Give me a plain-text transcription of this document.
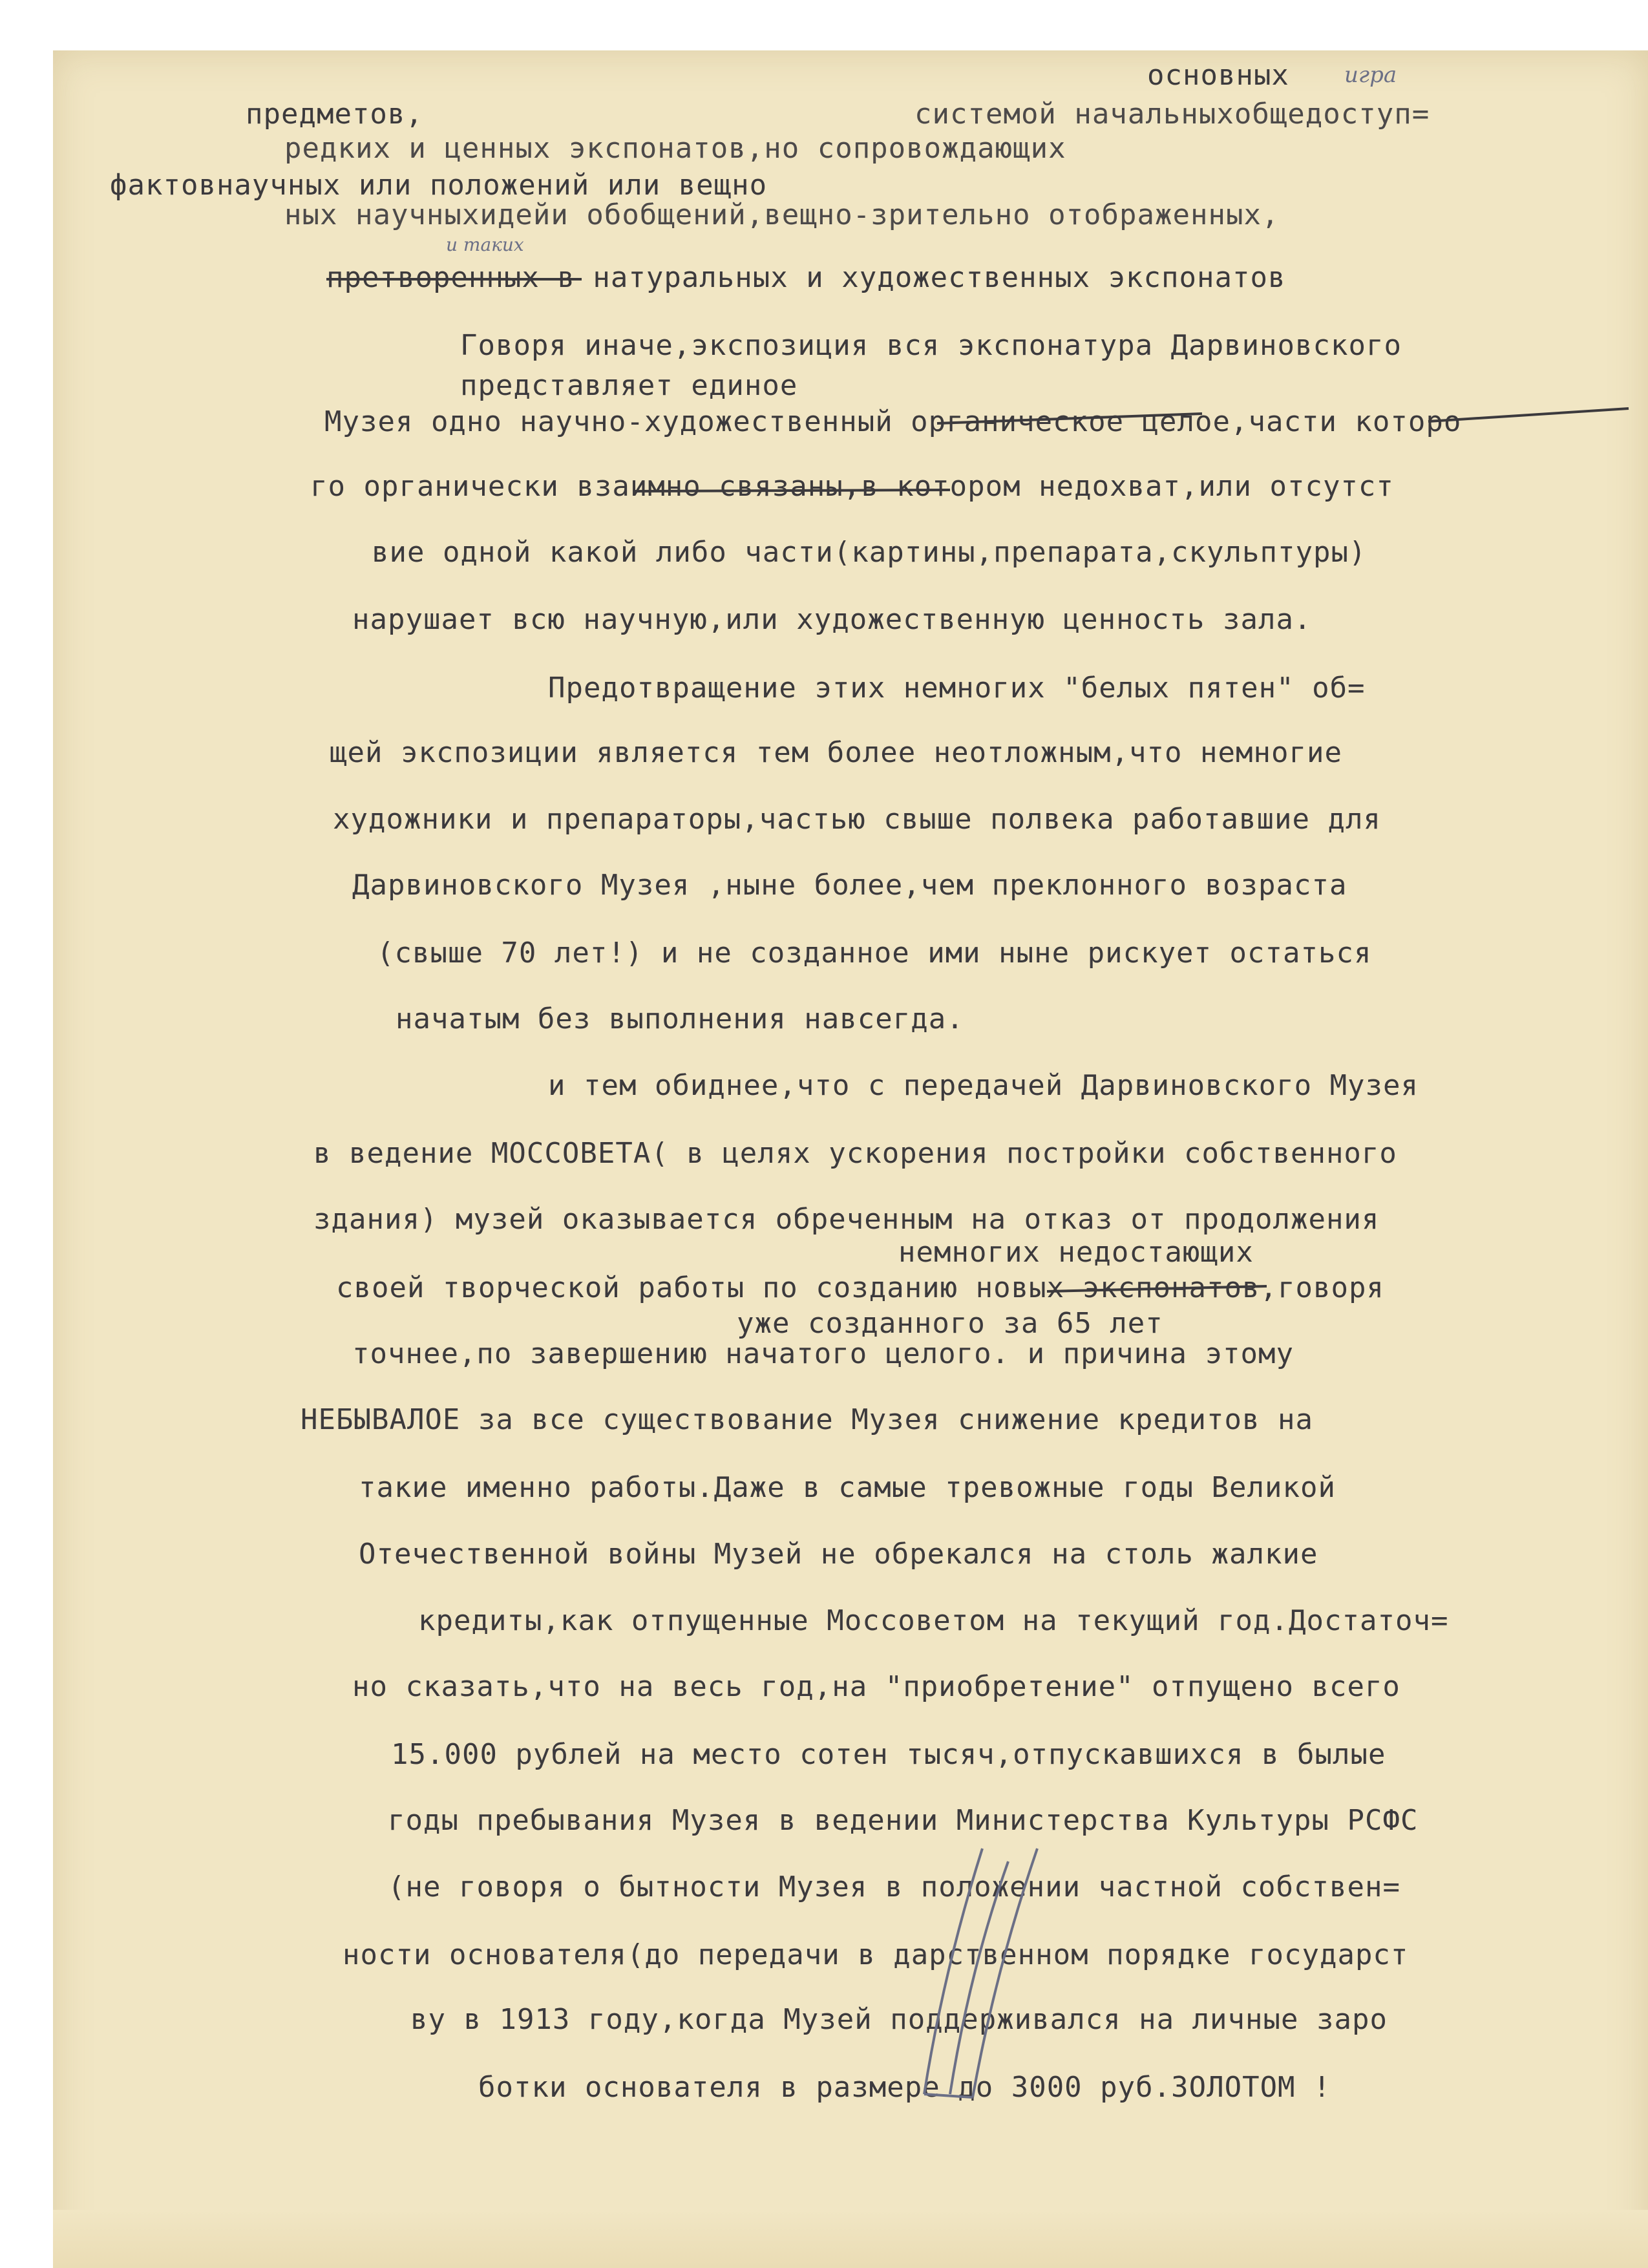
игра
и таких
основных
предметов,	системой начальныхобщедоступ=
редких и ценных экспонатов,но сопровождающих
фактовнаучных или положений или вещно
ных научныхидейи обобщений,вещно-зрительно отображенных,
претворенных в натуральных и художественных экспонатов
Говоря иначе,экспозиция вся экспонатура Дарвиновского
представляет единое
Музея одно научно-художественный органическое целое,части которо
го органически взаимно связаны,в котором недохват,или отсутст
вие одной какой либо части(картины,препарата,скульптуры)
нарушает всю научную,или художественную ценность зала.
Предотвращение этих немногих "белых пятен" об=
щей экспозиции является тем более неотложным,что немногие
художники и препараторы,частью свыше полвека работавшие для
Дарвиновского Музея ,ныне более,чем преклонного возраста
(свыше 70 лет!) и не созданное ими ныне рискует остаться
начатым без выполнения навсегда.
и тем обиднее,что с передачей Дарвиновского Музея
в ведение МОССОВЕТА( в целях ускорения постройки собственного
здания) музей оказывается обреченным на отказ от продолжения
немногих недостающих
своей творческой работы по созданию новых экспонатов,говоря
уже созданного за 65 лет
точнее,по завершению начатого целого. и причина этому
НЕБЫВАЛОЕ за все существование Музея снижение кредитов на
такие именно работы.Даже в самые тревожные годы Великой
Отечественной войны Музей не обрекался на столь жалкие
кредиты,как отпущенные Моссоветом на текущий год.Достаточ=
но сказать,что на весь год,на "приобретение" отпущено всего
15.000 рублей на место сотен тысяч,отпускавшихся в былые
годы пребывания Музея в ведении Министерства Культуры РСФС
(не говоря о бытности Музея в положении частной собствен=
ности основателя(до передачи в дарственном порядке государст
ву в 1913 году,когда Музей поддерживался на личные заро
ботки основателя в размере до 3000 руб.ЗОЛОТОМ !
